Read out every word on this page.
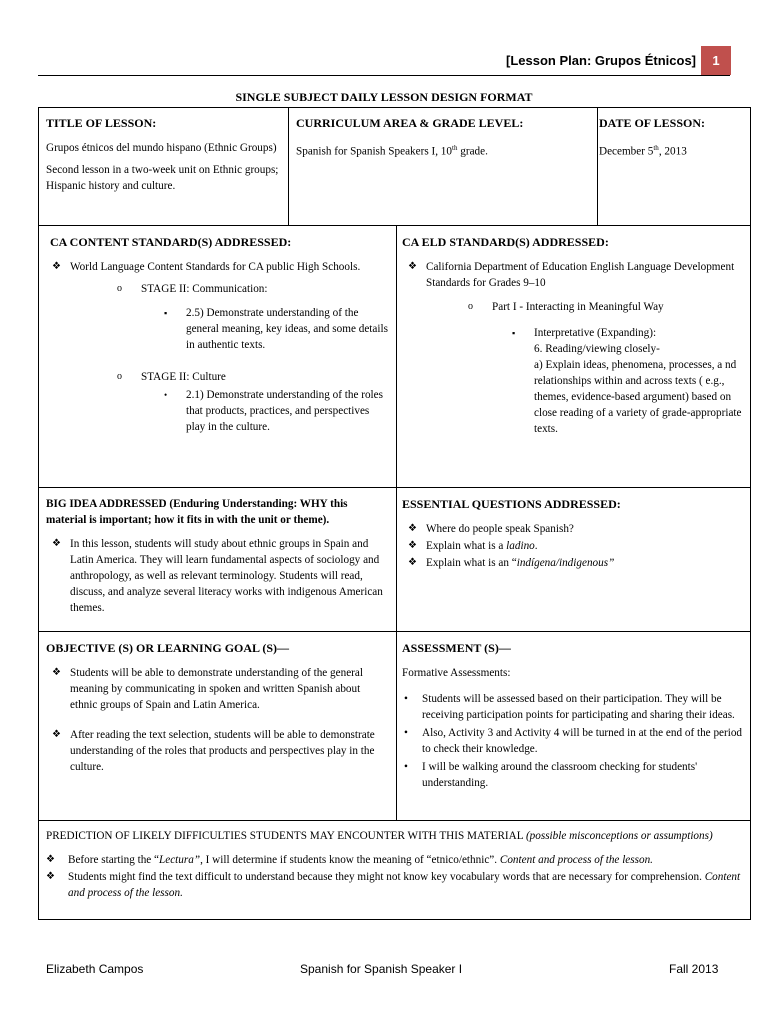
[Lesson Plan: Grupos Étnicos]	1
SINGLE SUBJECT DAILY LESSON DESIGN FORMAT
TITLE OF LESSON:

Grupos étnicos del mundo hispano (Ethnic Groups)

Second lesson in a two-week unit on Ethnic groups; Hispanic history and culture.

CURRICULUM AREA & GRADE LEVEL:

Spanish for Spanish Speakers I, 10th grade.

DATE OF LESSON:

December 5th, 2013

CA CONTENT STANDARD(S) ADDRESSED:
❖ World Language Content Standards for CA public High Schools.
o STAGE II: Communication:
▪ 2.5) Demonstrate understanding of the general meaning, key ideas, and some details in authentic texts.
o STAGE II: Culture
• 2.1) Demonstrate understanding of the roles that products, practices, and perspectives play in the culture.
CA ELD STANDARD(S) ADDRESSED:
❖ California Department of Education English Language Development Standards for Grades 9–10
o Part I - Interacting in Meaningful Way
▪ Interpretative (Expanding):
6. Reading/viewing closely-
a) Explain ideas, phenomena, processes, a nd relationships within and across texts ( e.g., themes, evidence-based argument) based on close reading of a variety of grade-appropriate texts.
BIG IDEA ADDRESSED (Enduring Understanding: WHY this material is important; how it fits in with the unit or theme).
❖ In this lesson, students will study about ethnic groups in Spain and Latin America. They will learn fundamental aspects of sociology and anthropology, as well as relevant terminology. Students will read, discuss, and analyze several literacy works with indigenous American themes.
ESSENTIAL QUESTIONS ADDRESSED:
❖ Where do people speak Spanish?
❖ Explain what is a ladino.
❖ Explain what is an “indígena/indigenous”
OBJECTIVE (S) OR LEARNING GOAL (S)—
❖ Students will be able to demonstrate understanding of the general meaning by communicating in spoken and written Spanish about ethnic groups of Spain and Latin America.
❖ After reading the text selection, students will be able to demonstrate understanding of the roles that products and perspectives play in the culture.
ASSESSMENT (S)—

Formative Assessments:

• Students will be assessed based on their participation. They will be receiving participation points for participating and sharing their ideas.
• Also, Activity 3 and Activity 4 will be turned in at the end of the period to check their knowledge.
• I will be walking around the classroom checking for students' understanding.

PREDICTION OF LIKELY DIFFICULTIES STUDENTS MAY ENCOUNTER WITH THIS MATERIAL (possible misconceptions or assumptions)

❖ Before starting the “Lectura”, I will determine if students know the meaning of “etnico/ethnic”. Content and process of the lesson.
❖ Students might find the text difficult to understand because they might not know key vocabulary words that are necessary for comprehension. Content and process of the lesson.
Elizabeth Campos	Spanish for Spanish Speaker I	Fall 2013
